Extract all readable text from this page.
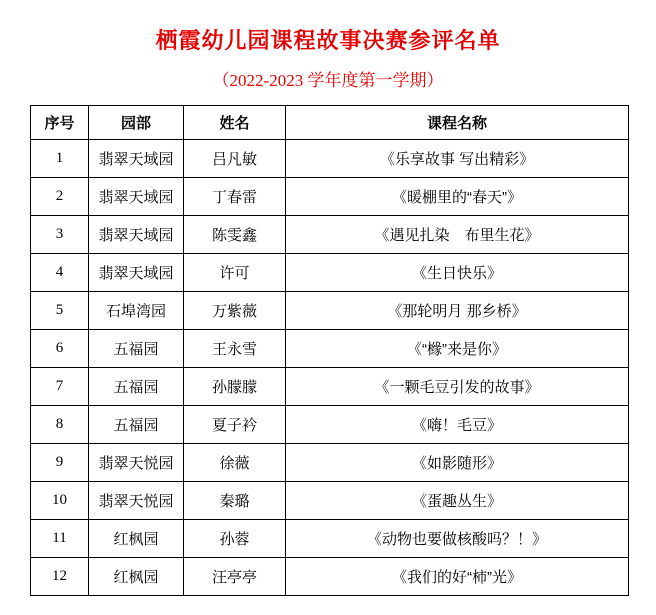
栖霞幼儿园课程故事决赛参评名单
（2022-2023 学年度第一学期）
序号	园部	姓名	课程名称
1	翡翠天域园	吕凡敏	《乐享故事 写出精彩》
2	翡翠天域园	丁春雷	《暖棚里的“春天”》
3	翡翠天域园	陈雯鑫	《遇见扎染　布里生花》
4	翡翠天域园	许可	《生日快乐》
5	石埠湾园	万紫薇	《那轮明月 那乡桥》
6	五福园	王永雪	《“橼”来是你》
7	五福园	孙朦朦	《一颗毛豆引发的故事》
8	五福园	夏子衿	《嗨！毛豆》
9	翡翠天悦园	徐薇	《如影随形》
10	翡翠天悦园	秦璐	《蛋趣丛生》
11	红枫园	孙蓉	《动物也要做核酸吗？！》
12	红枫园	汪亭亭	《我们的好“柿”光》
